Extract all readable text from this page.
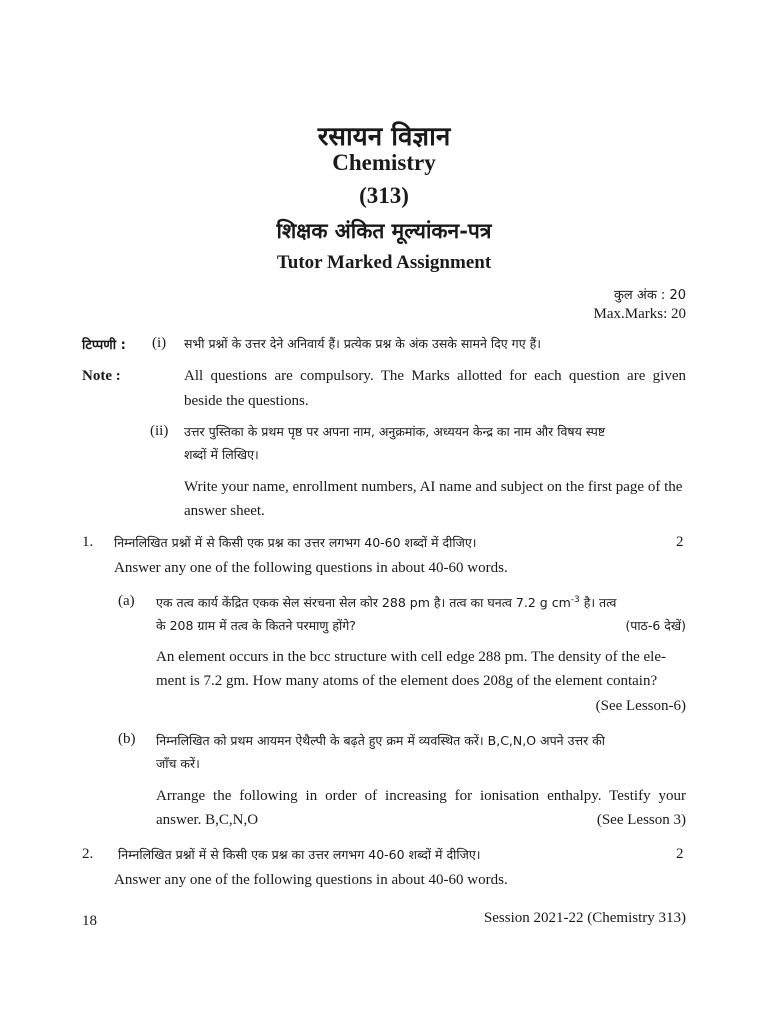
रसायन विज्ञान
Chemistry
(313)
शिक्षक अंकित मूल्यांकन-पत्र
Tutor Marked Assignment
कुल अंक : 20
Max.Marks: 20
टिप्पणी : (i) सभी प्रश्नों के उत्तर देने अनिवार्य हैं। प्रत्येक प्रश्न के अंक उसके सामने दिए गए हैं।
Note :	All questions are compulsory. The Marks allotted for each question are given
beside the questions.
(ii) उत्तर पुस्तिका के प्रथम पृष्ठ पर अपना नाम, अनुक्रमांक, अध्ययन केन्द्र का नाम और विषय स्पष्ट
शब्दों में लिखिए।
Write your name, enrollment numbers, AI name and subject on the first page of the
answer sheet.
1. निम्नलिखित प्रश्नों में से किसी एक प्रश्न का उत्तर लगभग 40-60 शब्दों में दीजिए।	2
Answer any one of the following questions in about 40-60 words.
(a) एक तत्व कार्य केंद्रित एकक सेल संरचना सेल कोर 288 pm है। तत्व का घनत्व 7.2 g $cm^{-3}$ है। तत्व
के 208 ग्राम में तत्व के कितने परमाणु होंगे?	(पाठ-6 देखें)
An element occurs in the bcc structure with cell edge 288 pm. The density of the ele-
ment is 7.2 gm. How many atoms of the element does 208g of the element contain?
(See Lesson-6)
(b) निम्नलिखित को प्रथम आयमन ऐथैल्पी के बढ़ते हुए क्रम में व्यवस्थित करें। B,C,N,O अपने उत्तर की
जाँच करें।
Arrange the following in order of increasing for ionisation enthalpy. Testify your
answer. B,C,N,O	(See Lesson 3)
2. निम्नलिखित प्रश्नों में से किसी एक प्रश्न का उत्तर लगभग 40-60 शब्दों में दीजिए।	2
Answer any one of the following questions in about 40-60 words.
18	Session 2021-22 (Chemistry 313)
